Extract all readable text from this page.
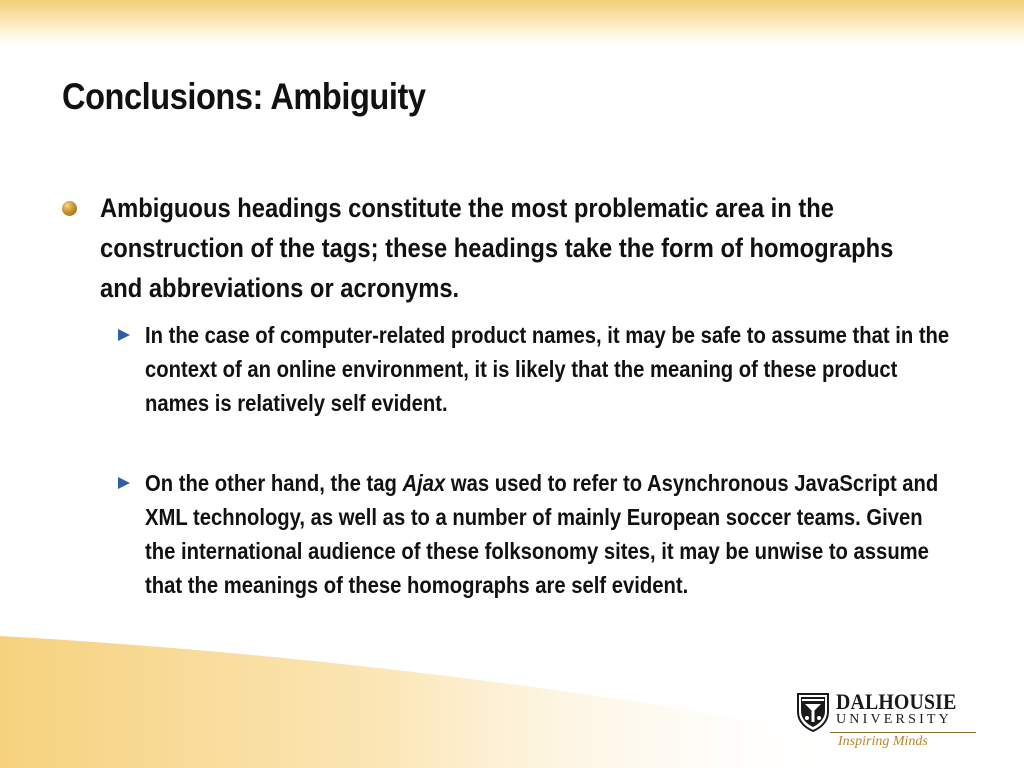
Conclusions: Ambiguity

Ambiguous headings constitute the most problematic area in the construction of the tags; these headings take the form of homographs and abbreviations or acronyms.

In the case of computer-related product names, it may be safe to assume that in the context of an online environment, it is likely that the meaning of these product names is relatively self evident.

On the other hand, the tag Ajax was used to refer to Asynchronous JavaScript and XML technology, as well as to a number of mainly European soccer teams. Given the international audience of these folksonomy sites, it may be unwise to assume that the meanings of these homographs are self evident.

DALHOUSIE

UNIVERSITY

Inspiring Minds
